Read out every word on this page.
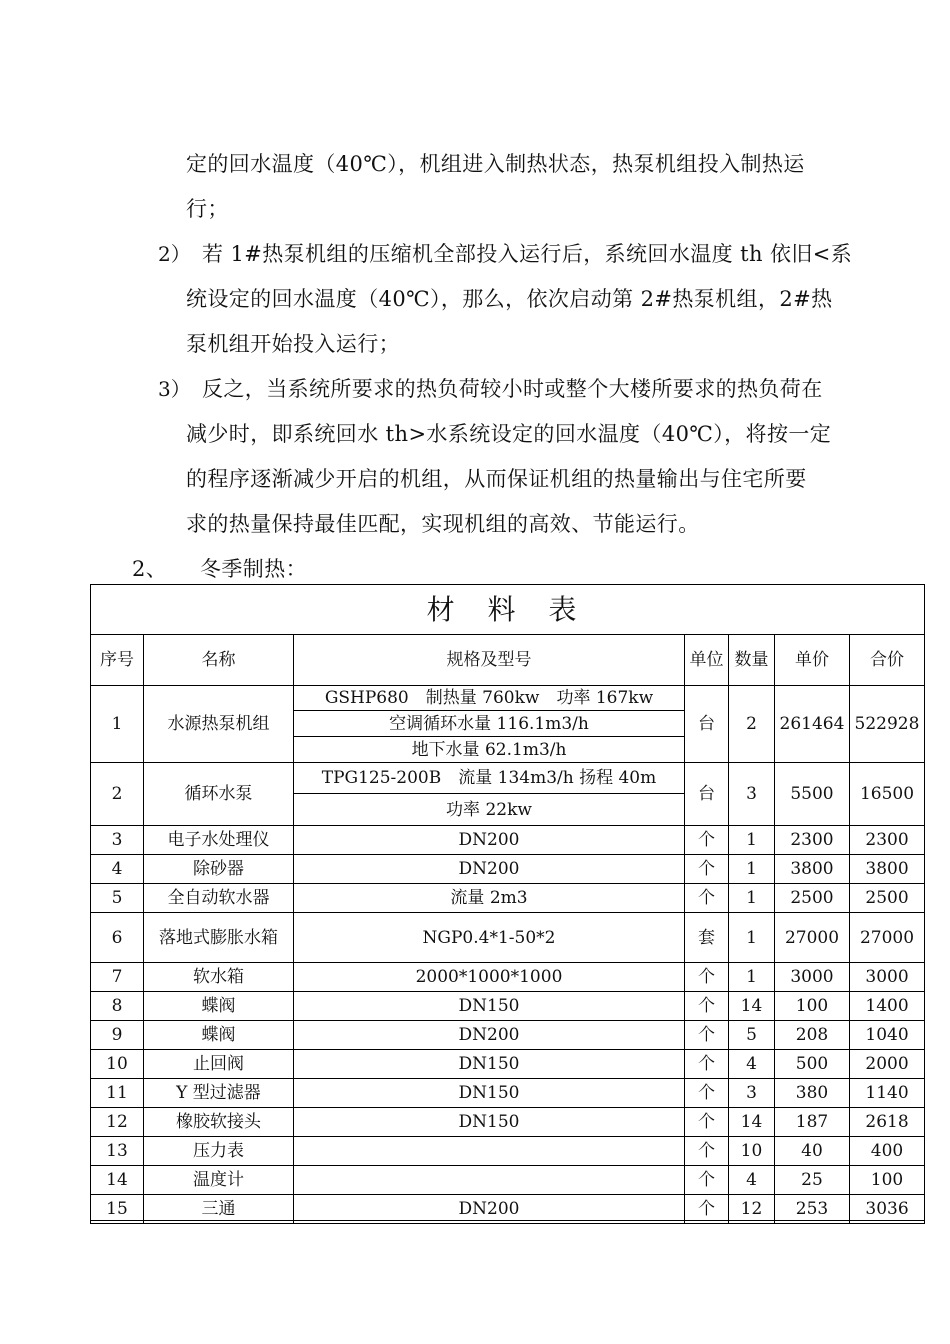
定的回水温度（40℃），机组进入制热状态，热泵机组投入制热运
行；
2） 若 1#热泵机组的压缩机全部投入运行后，系统回水温度 th 依旧<系
统设定的回水温度（40℃），那么，依次启动第 2#热泵机组，2#热
泵机组开始投入运行；
3） 反之，当系统所要求的热负荷较小时或整个大楼所要求的热负荷在
减少时，即系统回水 th>水系统设定的回水温度（40℃），将按一定
的程序逐渐减少开启的机组，从而保证机组的热量输出与住宅所要
求的热量保持最佳匹配，实现机组的高效、节能运行。
2、 冬季制热：
材 料 表						
序号	名称	规格及型号	单位	数量	单价	合价
1	水源热泵机组	GSHP680　制热量 760kw　功率 167kw	台	2	261464	522928
		空调循环水量 116.1m3/h				
		地下水量 62.1m3/h				
2	循环水泵	TPG125-200B　流量 134m3/h 扬程 40m	台	3	5500	16500
		功率 22kw				
3	电子水处理仪	DN200	个	1	2300	2300
4	除砂器	DN200	个	1	3800	3800
5	全自动软水器	流量 2m3	个	1	2500	2500
6	落地式膨胀水箱	NGP0.4*1-50*2	套	1	27000	27000
7	软水箱	2000*1000*1000	个	1	3000	3000
8	蝶阀	DN150	个	14	100	1400
9	蝶阀	DN200	个	5	208	1040
10	止回阀	DN150	个	4	500	2000
11	Y 型过滤器	DN150	个	3	380	1140
12	橡胶软接头	DN150	个	14	187	2618
13	压力表		个	10	40	400
14	温度计		个	4	25	100
15	三通	DN200	个	12	253	3036
